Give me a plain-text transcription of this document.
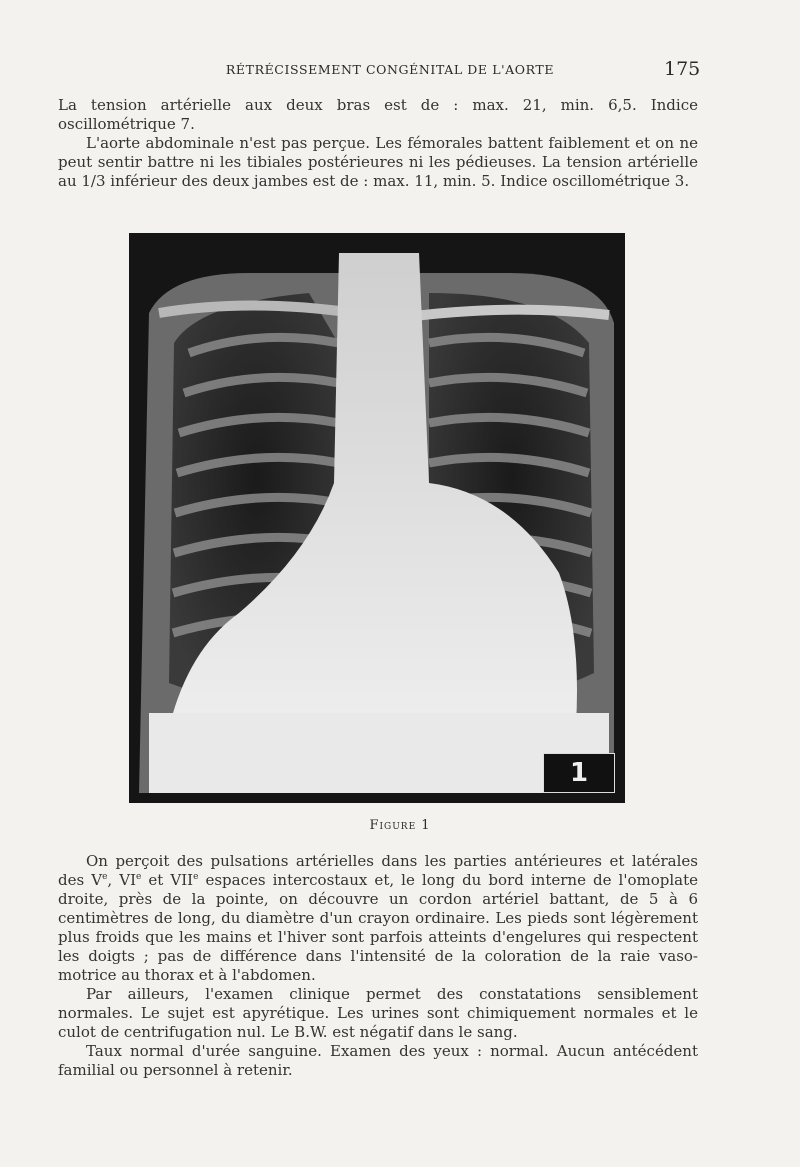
RÉTRÉCISSEMENT CONGÉNITAL DE L'AORTE	175

La tension artérielle aux deux bras est de : max. 21, min. 6,5. Indice oscillométrique 7.

L'aorte abdominale n'est pas perçue. Les fémorales battent faiblement et on ne peut sentir battre ni les tibiales postérieures ni les pédieuses. La tension artérielle au 1/3 inférieur des deux jambes est de : max. 11, min. 5. Indice oscillométrique 3.

1
Figure 1

On perçoit des pulsations artérielles dans les parties antérieures et latérales des Ve, VIe et VIIe espaces intercostaux et, le long du bord interne de l'omoplate droite, près de la pointe, on découvre un cordon artériel battant, de 5 à 6 centimètres de long, du diamètre d'un crayon ordinaire. Les pieds sont légèrement plus froids que les mains et l'hiver sont parfois atteints d'engelures qui respectent les doigts ; pas de différence dans l'intensité de la coloration de la raie vaso-motrice au thorax et à l'abdomen.

Par ailleurs, l'examen clinique permet des constatations sensiblement normales. Le sujet est apyrétique. Les urines sont chimiquement normales et le culot de centrifugation nul. Le B.W. est négatif dans le sang.

Taux normal d'urée sanguine. Examen des yeux : normal. Aucun antécédent familial ou personnel à retenir.
